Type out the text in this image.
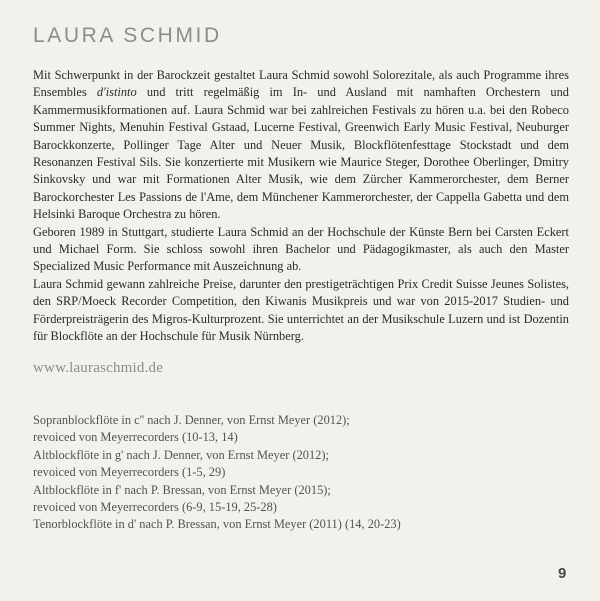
LAURA SCHMID

Mit Schwerpunkt in der Barockzeit gestaltet Laura Schmid sowohl Solorezitale, als auch Programme ihres Ensembles d'istinto und tritt regelmäßig im In- und Ausland mit namhaften Orchestern und Kammermusikformationen auf. Laura Schmid war bei zahlreichen Festivals zu hören u.a. bei den Robeco Summer Nights, Menuhin Festival Gstaad, Lucerne Festival, Greenwich Early Music Festival, Neuburger Barockkonzerte, Pollinger Tage Alter und Neuer Musik, Blockflötenfesttage Stockstadt und dem Resonanzen Festival Sils. Sie konzertierte mit Musikern wie Maurice Steger, Dorothee Oberlinger, Dmitry Sinkovsky und war mit Formationen Alter Musik, wie dem Zürcher Kammerorchester, dem Berner Barockorchester Les Passions de l'Ame, dem Münchener Kammerorchester, der Cappella Gabetta und dem Helsinki Baroque Orchestra zu hören.

Geboren 1989 in Stuttgart, studierte Laura Schmid an der Hochschule der Künste Bern bei Carsten Eckert und Michael Form. Sie schloss sowohl ihren Bachelor und Pädagogikmaster, als auch den Master Specialized Music Performance mit Auszeichnung ab.

Laura Schmid gewann zahlreiche Preise, darunter den prestigeträchtigen Prix Credit Suisse Jeunes Solistes, den SRP/Moeck Recorder Competition, den Kiwanis Musikpreis und war von 2015-2017 Studien- und Förderpreisträgerin des Migros-Kulturprozent. Sie unterrichtet an der Musikschule Luzern und ist Dozentin für Blockflöte an der Hochschule für Musik Nürnberg.

www.lauraschmid.de
Sopranblockflöte in c'' nach J. Denner, von Ernst Meyer (2012);
revoiced von Meyerrecorders (10-13, 14)
Altblockflöte in g' nach J. Denner, von Ernst Meyer (2012);
revoiced von Meyerrecorders (1-5, 29)
Altblockflöte in f' nach P. Bressan, von Ernst Meyer (2015);
revoiced von Meyerrecorders (6-9, 15-19, 25-28)
Tenorblockflöte in d' nach P. Bressan, von Ernst Meyer (2011) (14, 20-23)
9
